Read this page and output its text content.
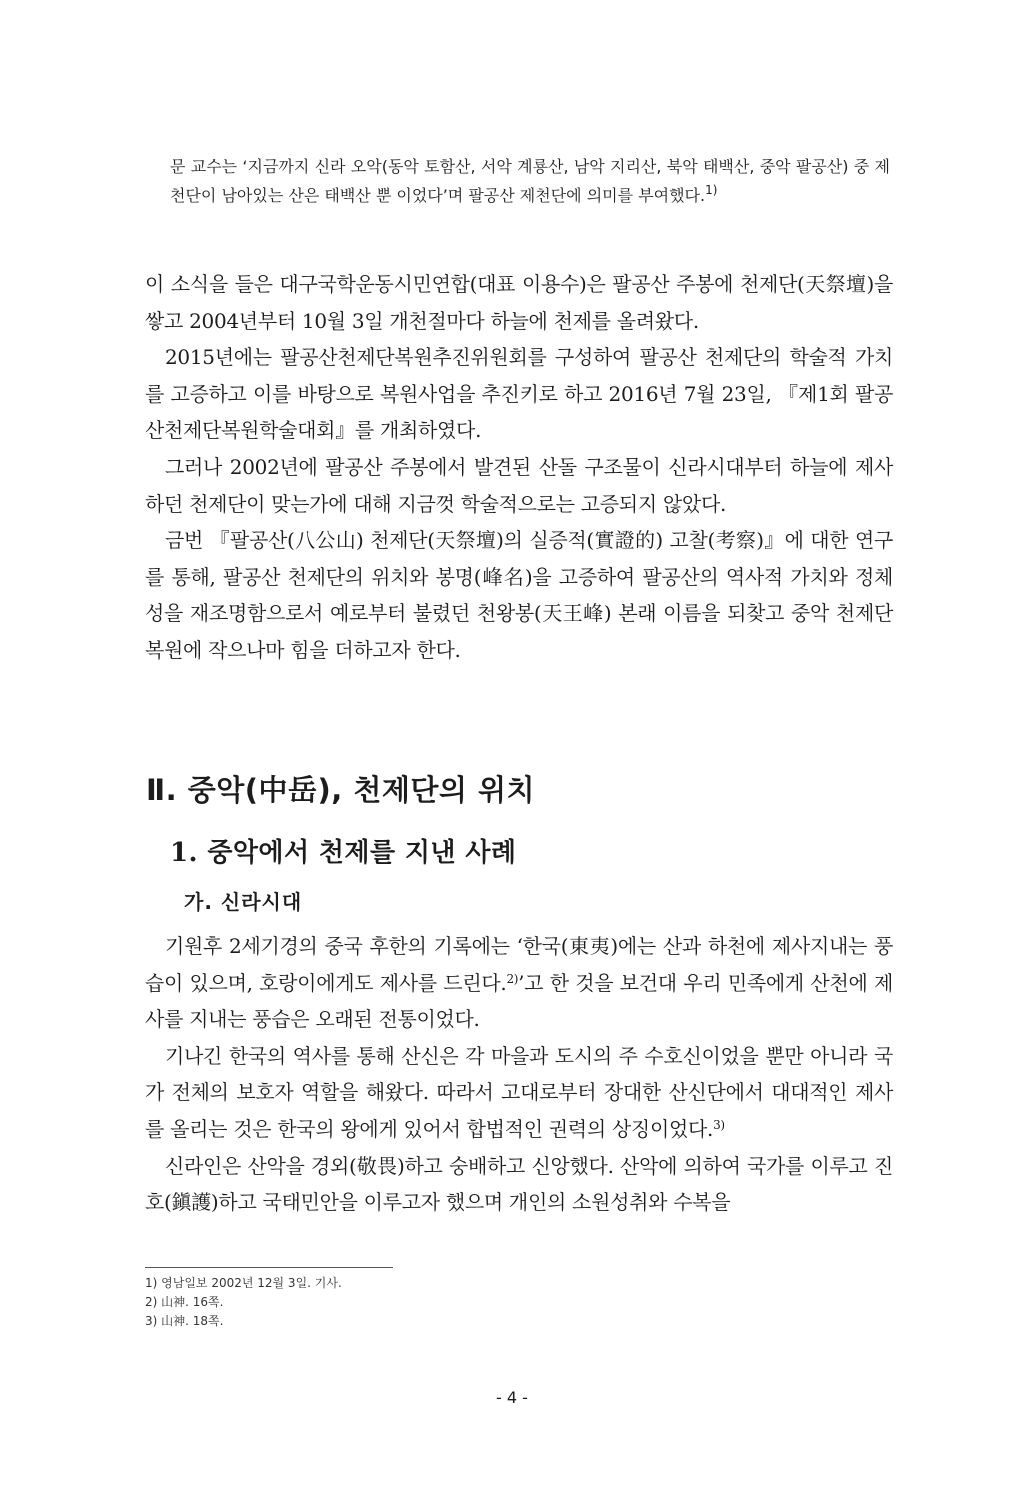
문 교수는 ‘지금까지 신라 오악(동악 토함산, 서악 계룡산, 남악 지리산, 북악 태백산, 중악 팔공산) 중 제천단이 남아있는 산은 태백산 뿐 이었다’며 팔공산 제천단에 의미를 부여했다.$^{1)}$

이 소식을 들은 대구국학운동시민연합(대표 이용수)은 팔공산 주봉에 천제단(天祭壇)을 쌓고 2004년부터 10월 3일 개천절마다 하늘에 천제를 올려왔다.

2015년에는 팔공산천제단복원추진위원회를 구성하여 팔공산 천제단의 학술적 가치를 고증하고 이를 바탕으로 복원사업을 추진키로 하고 2016년 7월 23일, 『제1회 팔공산천제단복원학술대회』를 개최하였다.

그러나 2002년에 팔공산 주봉에서 발견된 산돌 구조물이 신라시대부터 하늘에 제사하던 천제단이 맞는가에 대해 지금껏 학술적으로는 고증되지 않았다.

금번 『팔공산(八公山) 천제단(天祭壇)의 실증적(實證的) 고찰(考察)』에 대한 연구를 통해, 팔공산 천제단의 위치와 봉명(峰名)을 고증하여 팔공산의 역사적 가치와 정체성을 재조명함으로서 예로부터 불렸던 천왕봉(天王峰) 본래 이름을 되찾고 중악 천제단 복원에 작으나마 힘을 더하고자 한다.

Ⅱ. 중악(中岳), 천제단의 위치
1. 중악에서 천제를 지낸 사례
가. 신라시대

기원후 2세기경의 중국 후한의 기록에는 ‘한국(東夷)에는 산과 하천에 제사지내는 풍습이 있으며, 호랑이에게도 제사를 드린다.$^{2)}$’고 한 것을 보건대 우리 민족에게 산천에 제사를 지내는 풍습은 오래된 전통이었다.

기나긴 한국의 역사를 통해 산신은 각 마을과 도시의 주 수호신이었을 뿐만 아니라 국가 전체의 보호자 역할을 해왔다. 따라서 고대로부터 장대한 산신단에서 대대적인 제사를 올리는 것은 한국의 왕에게 있어서 합법적인 권력의 상징이었다.$^{3)}$

신라인은 산악을 경외(敬畏)하고 숭배하고 신앙했다. 산악에 의하여 국가를 이루고 진호(鎭護)하고 국태민안을 이루고자 했으며 개인의 소원성취와 수복을

1) 영남일보 2002년 12월 3일. 기사.
2) 山神. 16쪽.
3) 山神. 18쪽.
- 4 -
